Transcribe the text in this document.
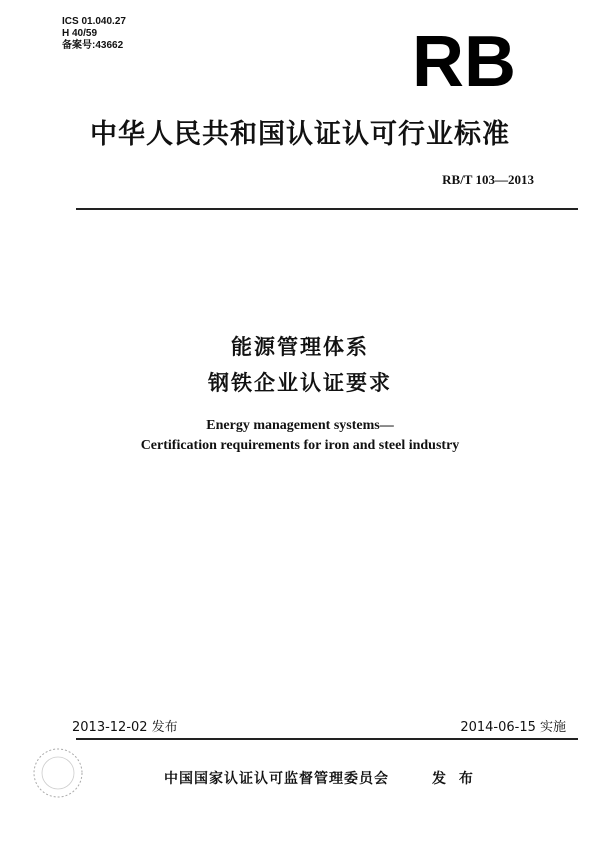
ICS 01.040.27
H 40/59
备案号:43662	RB
中华人民共和国认证认可行业标准
RB/T 103—2013
能源管理体系
钢铁企业认证要求
Energy management systems—
Certification requirements for iron and steel industry
2013-12-02 发布	2014-06-15 实施
中国国家认证认可监督管理委员会	发 布
